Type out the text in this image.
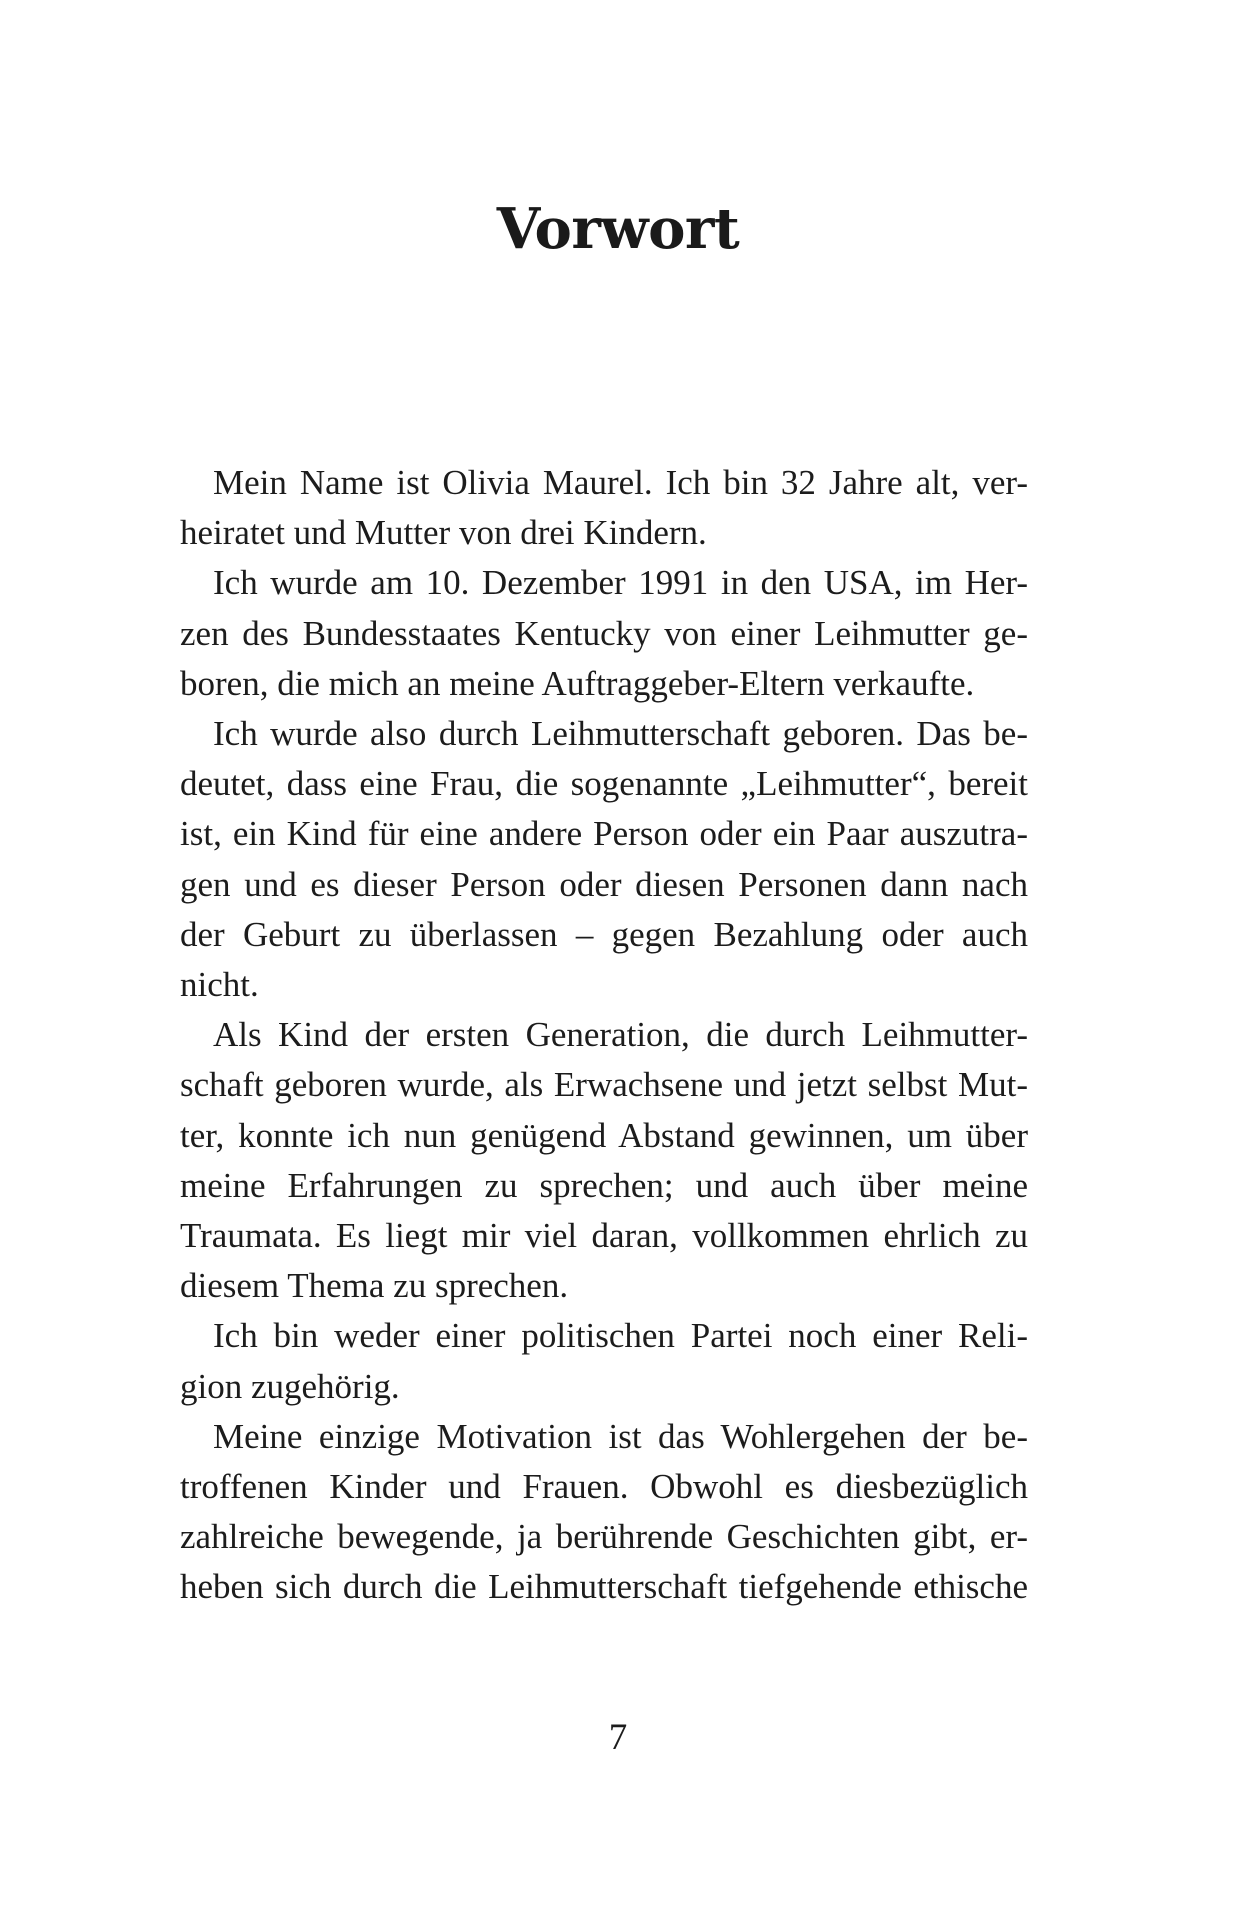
Vorwort

Mein Name ist Olivia Maurel. Ich bin 32 Jahre alt, ver-
heiratet und Mutter von drei Kindern.

Ich wurde am 10. Dezember 1991 in den USA, im Her-
zen des Bundesstaates Kentucky von einer Leihmutter ge-
boren, die mich an meine Auftraggeber-Eltern verkaufte.

Ich wurde also durch Leihmutterschaft geboren. Das be-
deutet, dass eine Frau, die sogenannte „Leihmutter“, bereit
ist, ein Kind für eine andere Person oder ein Paar auszutra-
gen und es dieser Person oder diesen Personen dann nach
der Geburt zu überlassen – gegen Bezahlung oder auch
nicht.

Als Kind der ersten Generation, die durch Leihmutter-
schaft geboren wurde, als Erwachsene und jetzt selbst Mut-
ter, konnte ich nun genügend Abstand gewinnen, um über
meine Erfahrungen zu sprechen; und auch über meine
Traumata. Es liegt mir viel daran, vollkommen ehrlich zu
diesem Thema zu sprechen.

Ich bin weder einer politischen Partei noch einer Reli-
gion zugehörig.

Meine einzige Motivation ist das Wohlergehen der be-
troffenen Kinder und Frauen. Obwohl es diesbezüglich
zahlreiche bewegende, ja berührende Geschichten gibt, er-
heben sich durch die Leihmutterschaft tiefgehende ethische

7
